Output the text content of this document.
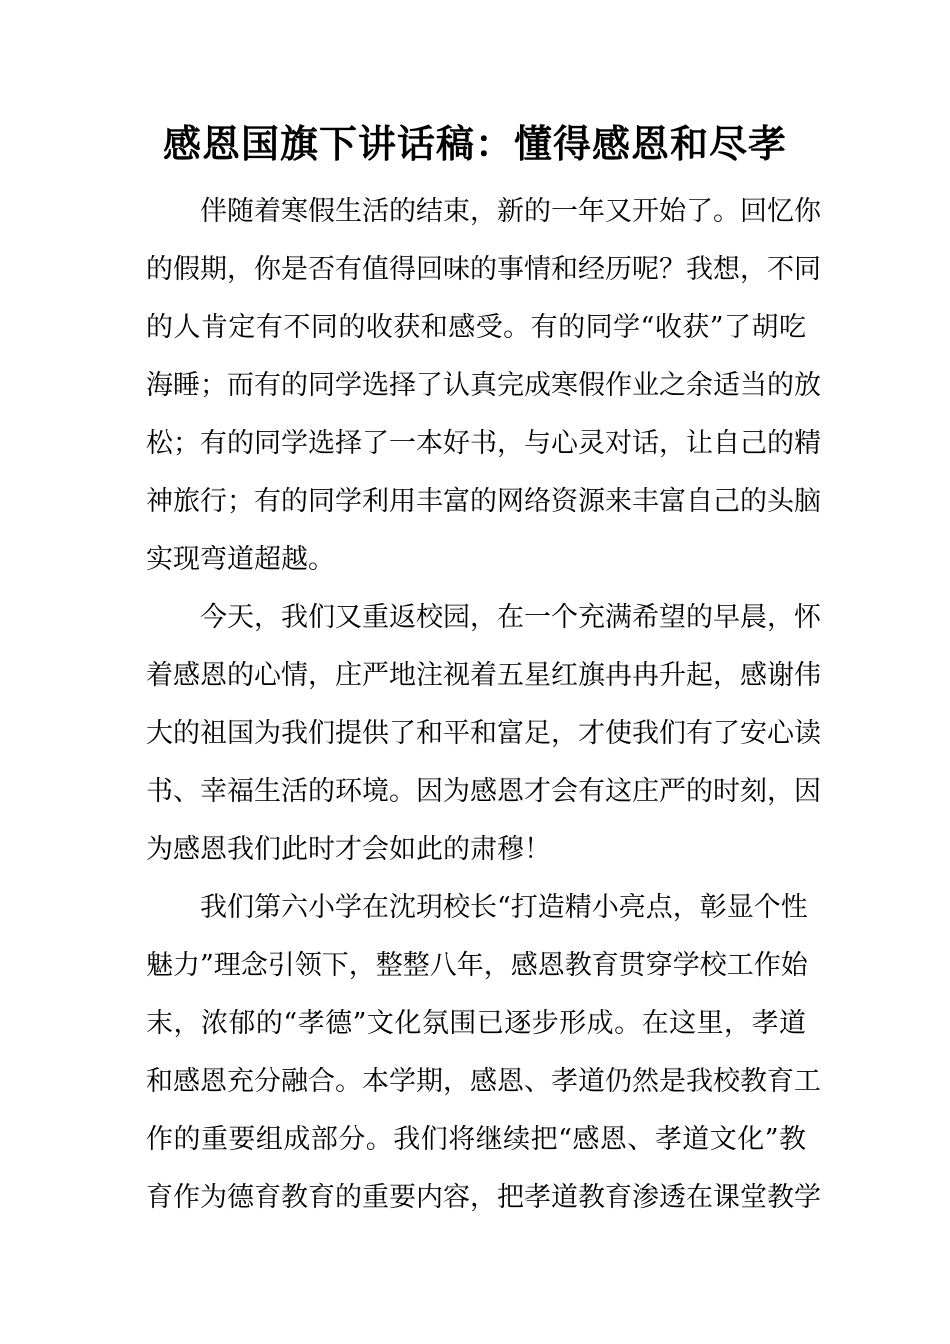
感恩国旗下讲话稿：懂得感恩和尽孝
伴随着寒假生活的结束，新的一年又开始了。回忆你
的假期，你是否有值得回味的事情和经历呢？我想，不同
的人肯定有不同的收获和感受。有的同学“收获”了胡吃
海睡；而有的同学选择了认真完成寒假作业之余适当的放
松；有的同学选择了一本好书，与心灵对话，让自己的精
神旅行；有的同学利用丰富的网络资源来丰富自己的头脑
实现弯道超越。
今天，我们又重返校园，在一个充满希望的早晨，怀
着感恩的心情，庄严地注视着五星红旗冉冉升起，感谢伟
大的祖国为我们提供了和平和富足，才使我们有了安心读
书、幸福生活的环境。因为感恩才会有这庄严的时刻，因
为感恩我们此时才会如此的肃穆！
我们第六小学在沈玥校长“打造精小亮点，彰显个性
魅力”理念引领下，整整八年，感恩教育贯穿学校工作始
末，浓郁的“孝德”文化氛围已逐步形成。在这里，孝道
和感恩充分融合。本学期，感恩、孝道仍然是我校教育工
作的重要组成部分。我们将继续把“感恩、孝道文化”教
育作为德育教育的重要内容，把孝道教育渗透在课堂教学
